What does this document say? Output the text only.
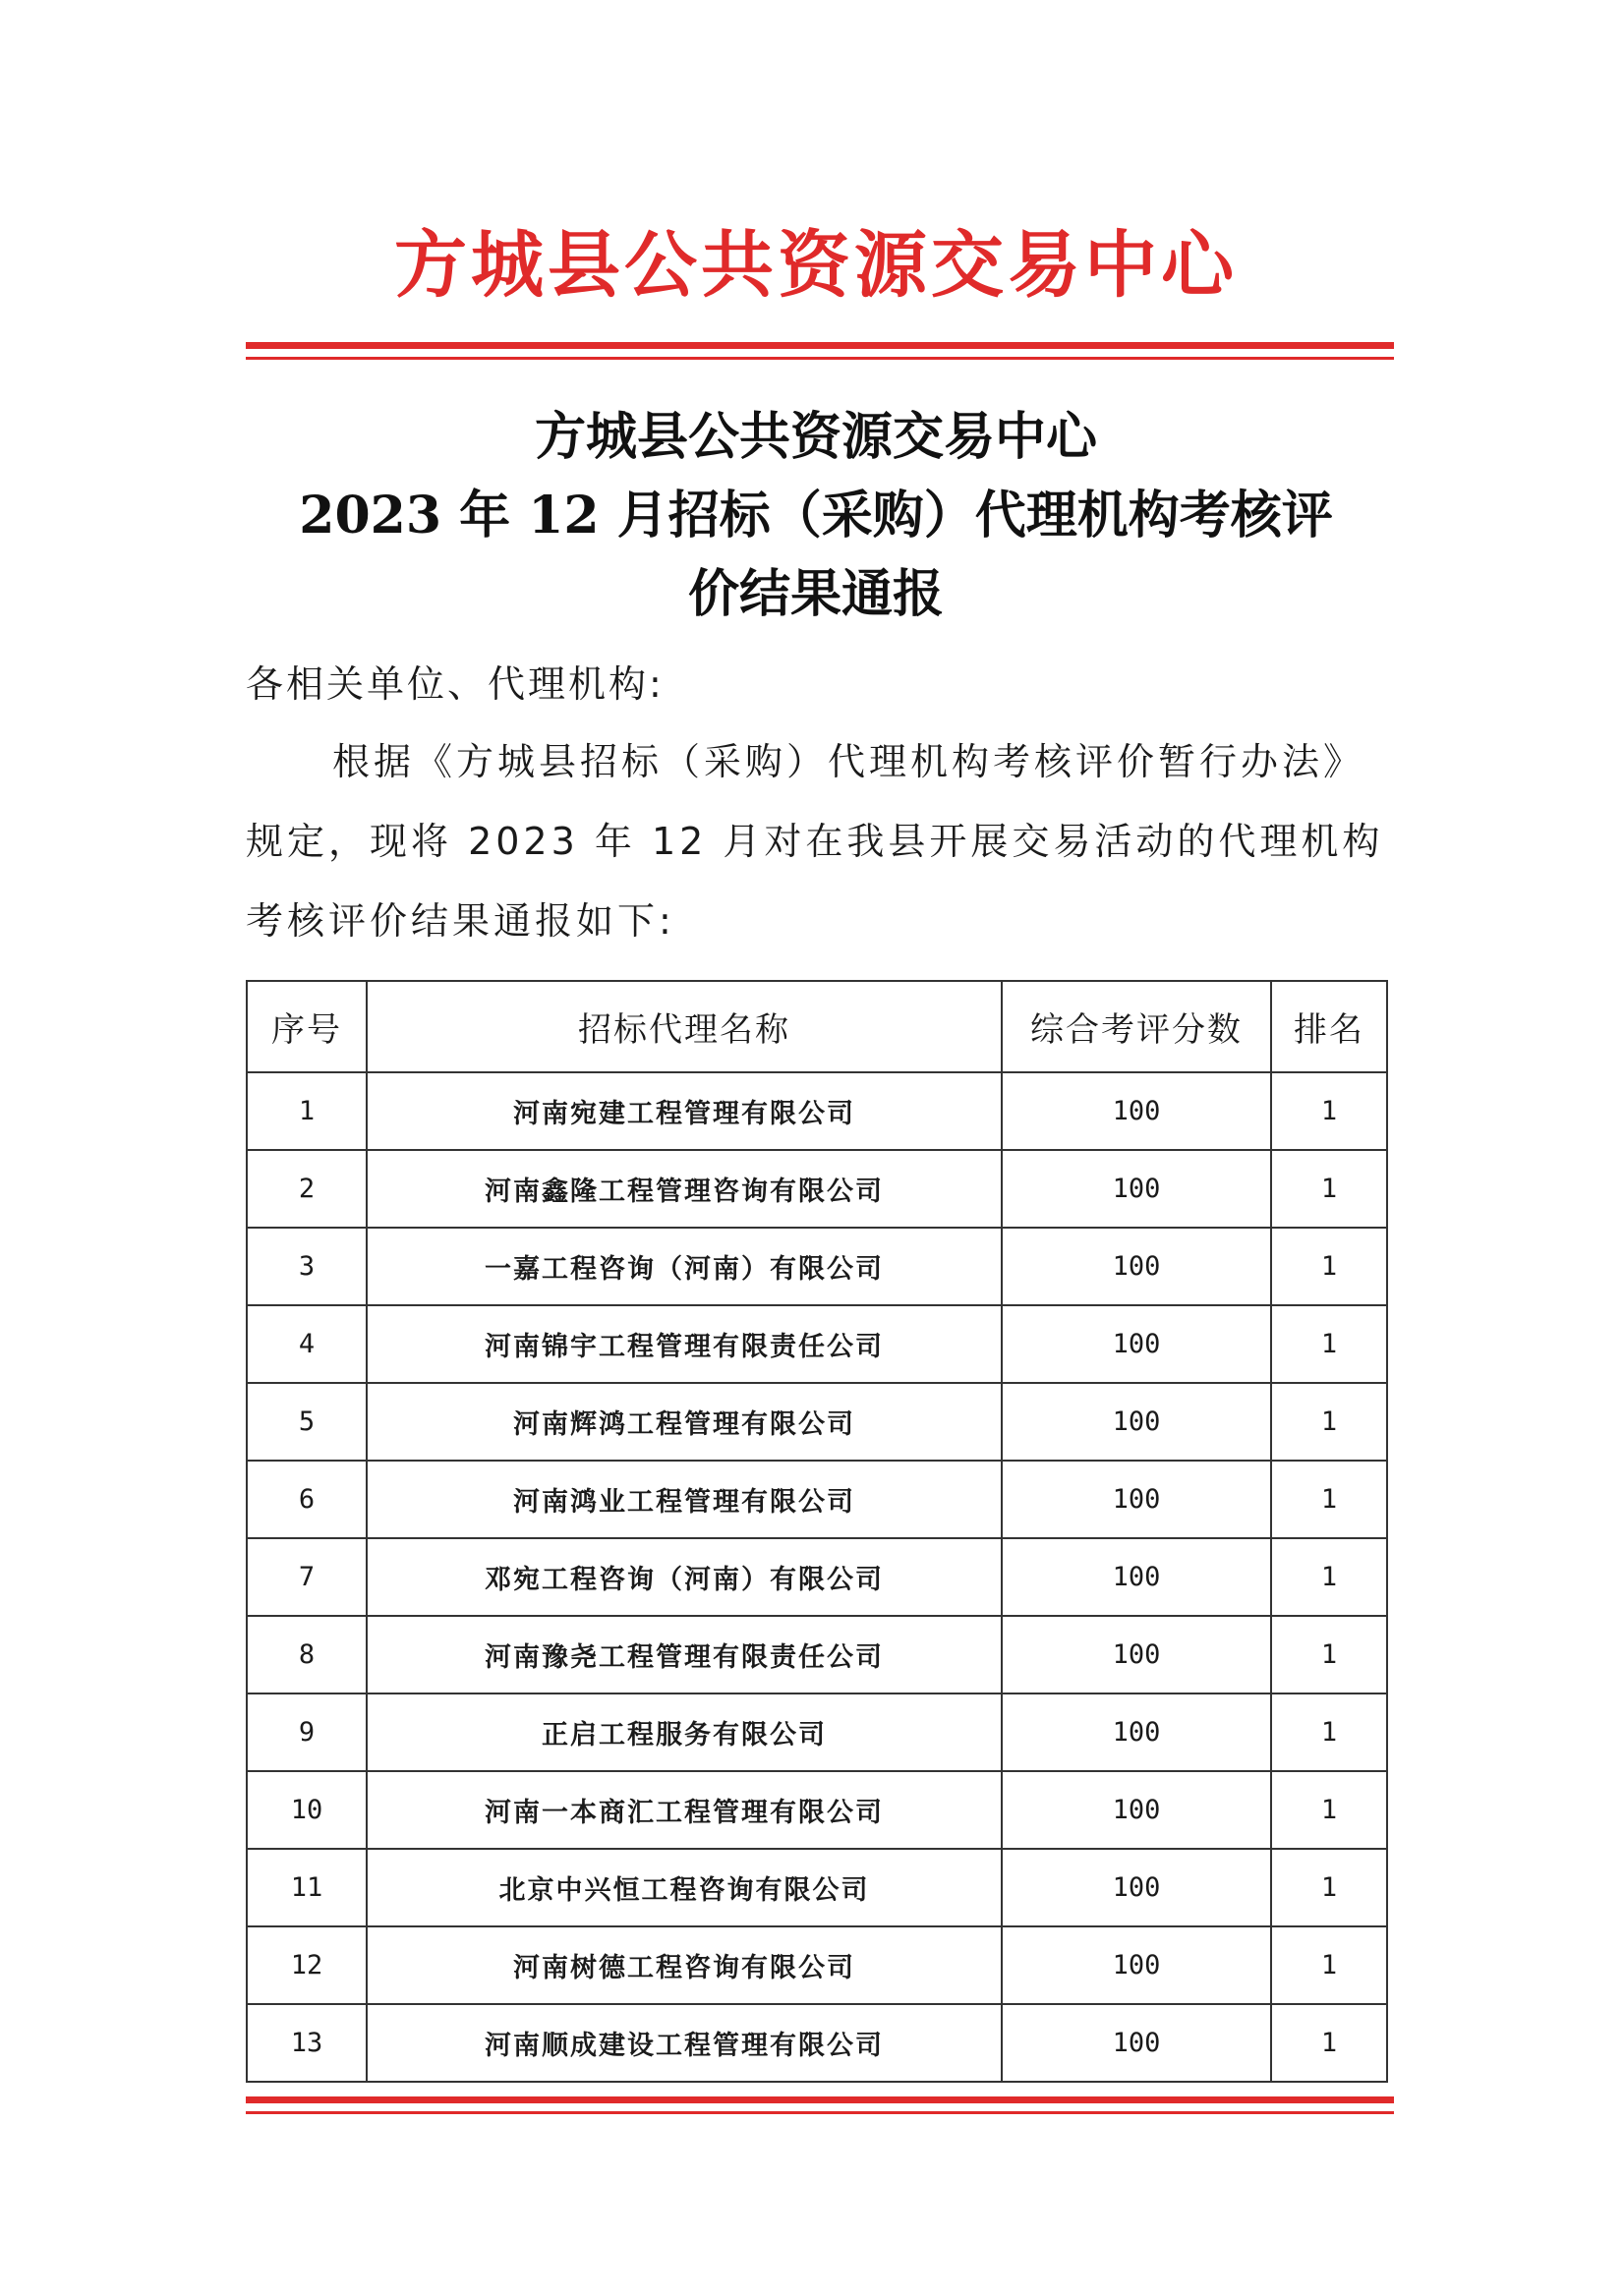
方城县公共资源交易中心
方城县公共资源交易中心
2023 年 12 月招标（采购）代理机构考核评
价结果通报
各相关单位、代理机构:
根据《方城县招标（采购）代理机构考核评价暂行办法》规定，现将 2023 年 12 月对在我县开展交易活动的代理机构考核评价结果通报如下:
序号	招标代理名称	综合考评分数	排名
1	河南宛建工程管理有限公司	100	1
2	河南鑫隆工程管理咨询有限公司	100	1
3	一嘉工程咨询（河南）有限公司	100	1
4	河南锦宇工程管理有限责任公司	100	1
5	河南辉鸿工程管理有限公司	100	1
6	河南鸿业工程管理有限公司	100	1
7	邓宛工程咨询（河南）有限公司	100	1
8	河南豫尧工程管理有限责任公司	100	1
9	正启工程服务有限公司	100	1
10	河南一本商汇工程管理有限公司	100	1
11	北京中兴恒工程咨询有限公司	100	1
12	河南树德工程咨询有限公司	100	1
13	河南顺成建设工程管理有限公司	100	1
